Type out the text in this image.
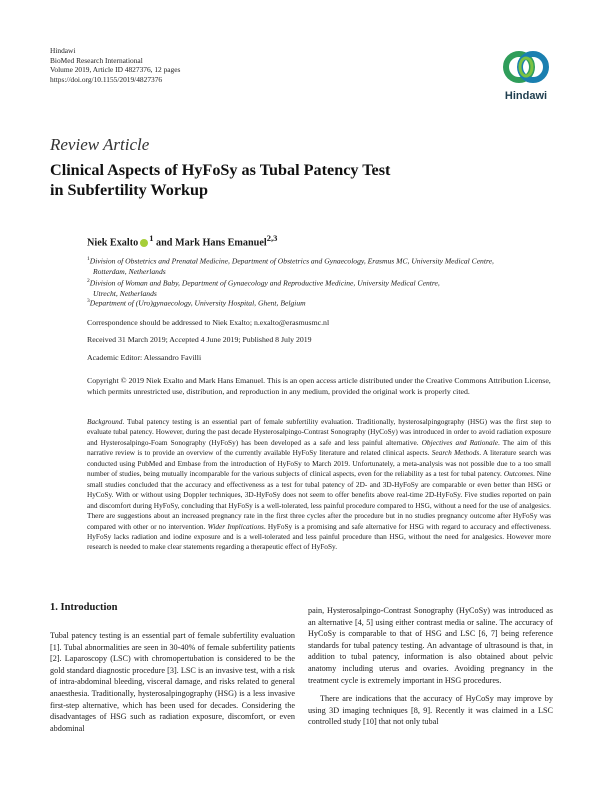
Hindawi
BioMed Research International
Volume 2019, Article ID 4827376, 12 pages
https://doi.org/10.1155/2019/4827376
Hindawi
Review Article
Clinical Aspects of HyFoSy as Tubal Patency Test
in Subfertility Workup
Niek Exalto $^1$ and Mark Hans Emanuel$^{2,3}$
$^1$Division of Obstetrics and Prenatal Medicine, Department of Obstetrics and Gynaecology, Erasmus MC, University Medical Centre,
Rotterdam, Netherlands
$^2$Division of Woman and Baby, Department of Gynaecology and Reproductive Medicine, University Medical Centre,
Utrecht, Netherlands
$^3$Department of (Uro)gynaecology, University Hospital, Ghent, Belgium
Correspondence should be addressed to Niek Exalto; n.exalto@erasmusmc.nl
Received 31 March 2019; Accepted 4 June 2019; Published 8 July 2019
Academic Editor: Alessandro Favilli
Copyright © 2019 Niek Exalto and Mark Hans Emanuel. This is an open access article distributed under the Creative Commons Attribution License, which permits unrestricted use, distribution, and reproduction in any medium, provided the original work is properly cited.
Background. Tubal patency testing is an essential part of female subfertility evaluation. Traditionally, hysterosalpingography (HSG) was the first step to evaluate tubal patency. However, during the past decade Hysterosalpingo-Contrast Sonography (HyCoSy) was introduced in order to avoid radiation exposure and Hysterosalpingo-Foam Sonography (HyFoSy) has been developed as a safe and less painful alternative. Objectives and Rationale. The aim of this narrative review is to provide an overview of the currently available HyFoSy literature and related clinical aspects. Search Methods. A literature search was conducted using PubMed and Embase from the introduction of HyFoSy to March 2019. Unfortunately, a meta-analysis was not possible due to a too small number of studies, being mutually incomparable for the various subjects of clinical aspects, even for the reliability as a test for tubal patency. Outcomes. Nine small studies concluded that the accuracy and effectiveness as a test for tubal patency of 2D- and 3D-HyFoSy are comparable or even better than HSG or HyCoSy. With or without using Doppler techniques, 3D-HyFoSy does not seem to offer benefits above real-time 2D-HyFoSy. Five studies reported on pain and discomfort during HyFoSy, concluding that HyFoSy is a well-tolerated, less painful procedure compared to HSG, without a need for the use of analgesics. There are suggestions about an increased pregnancy rate in the first three cycles after the procedure but in no studies pregnancy outcome after HyFoSy was compared with other or no intervention. Wider Implications. HyFoSy is a promising and safe alternative for HSG with regard to accuracy and effectiveness. HyFoSy lacks radiation and iodine exposure and is a well-tolerated and less painful procedure than HSG, without the need for analgesics. However more research is needed to make clear statements regarding a therapeutic effect of HyFoSy.
1. Introduction

Tubal patency testing is an essential part of female subfertility evaluation [1]. Tubal abnormalities are seen in 30-40% of female subfertility patients [2]. Laparoscopy (LSC) with chromopertubation is considered to be the gold standard diagnostic procedure [3]. LSC is an invasive test, with a risk of intra-abdominal bleeding, visceral damage, and risks related to general anaesthesia. Traditionally, hysterosalpingography (HSG) is a less invasive first-step alternative, which has been used for decades. Considering the disadvantages of HSG such as radiation exposure, discomfort, or even abdominal

pain, Hysterosalpingo-Contrast Sonography (HyCoSy) was introduced as an alternative [4, 5] using either contrast media or saline. The accuracy of HyCoSy is comparable to that of HSG and LSC [6, 7] being reference standards for tubal patency testing. An advantage of ultrasound is that, in addition to tubal patency, information is also obtained about pelvic anatomy including uterus and ovaries. Avoiding pregnancy in the treatment cycle is extremely important in HSG procedures.

There are indications that the accuracy of HyCoSy may improve by using 3D imaging techniques [8, 9]. Recently it was claimed in a LSC controlled study [10] that not only tubal
